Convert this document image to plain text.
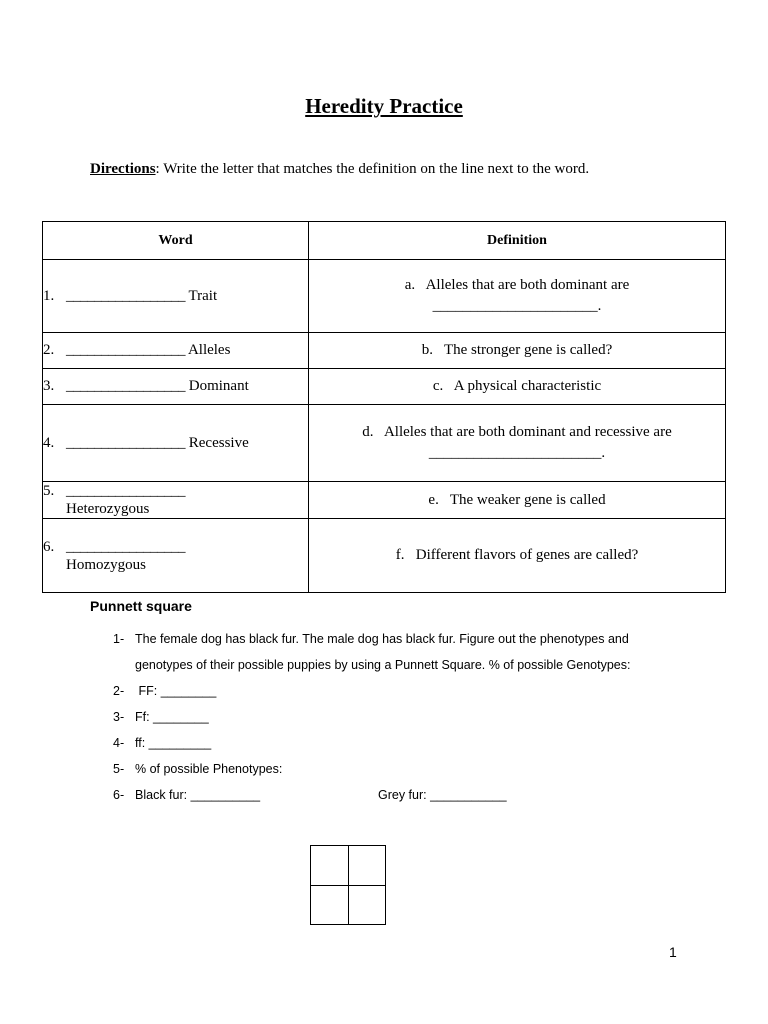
Heredity Practice
Directions: Write the letter that matches the definition on the line next to the word.
Word	Definition
1. _________________ Trait	a. Alleles that are both dominant are
______________________.

2. _________________ Alleles	b. The stronger gene is called?
3. _________________ Dominant	c. A physical characteristic
4. _________________ Recessive	d. Alleles that are both dominant and recessive are
_______________________.

5. _________________
Heterozygous	e. The weaker gene is called
6. _________________
Homozygous	f. Different flavors of genes are called?
Punnett square
1- The female dog has black fur. The male dog has black fur. Figure out the phenotypes and
genotypes of their possible puppies by using a Punnett Square. % of possible Genotypes:
2- FF: ________
3- Ff: ________
4- ff: _________
5- % of possible Phenotypes:
6- Black fur: __________	Grey fur: ___________
1
